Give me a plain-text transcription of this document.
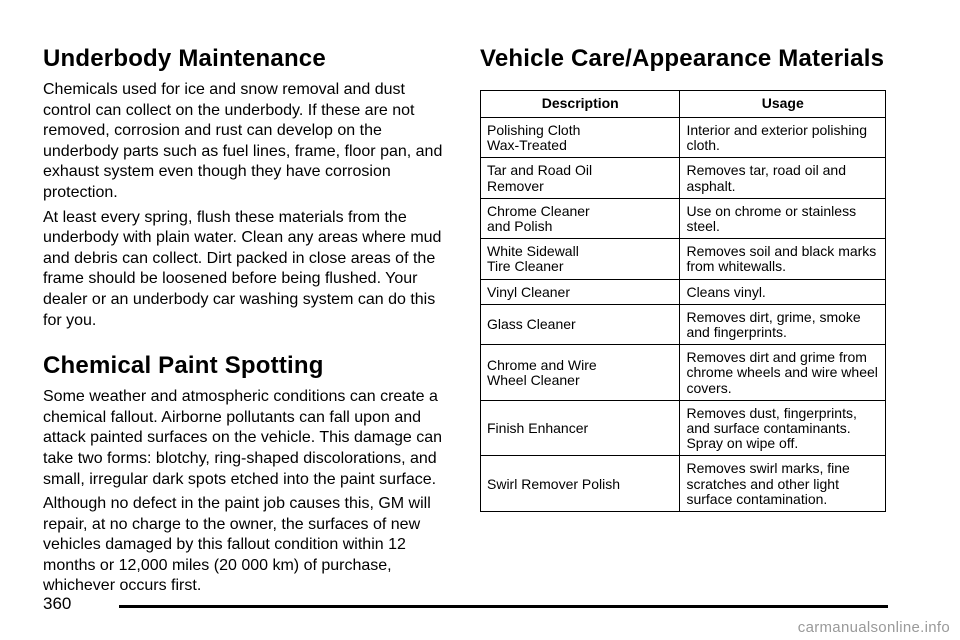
Underbody Maintenance

Chemicals used for ice and snow removal and dust control can collect on the underbody. If these are not removed, corrosion and rust can develop on the underbody parts such as fuel lines, frame, floor pan, and exhaust system even though they have corrosion protection.

At least every spring, flush these materials from the underbody with plain water. Clean any areas where mud and debris can collect. Dirt packed in close areas of the frame should be loosened before being flushed. Your dealer or an underbody car washing system can do this for you.

Chemical Paint Spotting

Some weather and atmospheric conditions can create a chemical fallout. Airborne pollutants can fall upon and attack painted surfaces on the vehicle. This damage can take two forms: blotchy, ring-shaped discolorations, and small, irregular dark spots etched into the paint surface.

Although no defect in the paint job causes this, GM will repair, at no charge to the owner, the surfaces of new vehicles damaged by this fallout condition within 12 months or 12,000 miles (20 000 km) of purchase, whichever occurs first.

Vehicle Care/Appearance Materials
Description	Usage
Polishing Cloth
Wax-Treated	Interior and exterior polishing cloth.
Tar and Road Oil
Remover	Removes tar, road oil and asphalt.
Chrome Cleaner
and Polish	Use on chrome or stainless steel.
White Sidewall
Tire Cleaner	Removes soil and black marks from whitewalls.
Vinyl Cleaner	Cleans vinyl.
Glass Cleaner	Removes dirt, grime, smoke and fingerprints.
Chrome and Wire
Wheel Cleaner	Removes dirt and grime from chrome wheels and wire wheel covers.
Finish Enhancer	Removes dust, fingerprints, and surface contaminants. Spray on wipe off.
Swirl Remover Polish	Removes swirl marks, fine scratches and other light surface contamination.
360
carmanualsonline.info
